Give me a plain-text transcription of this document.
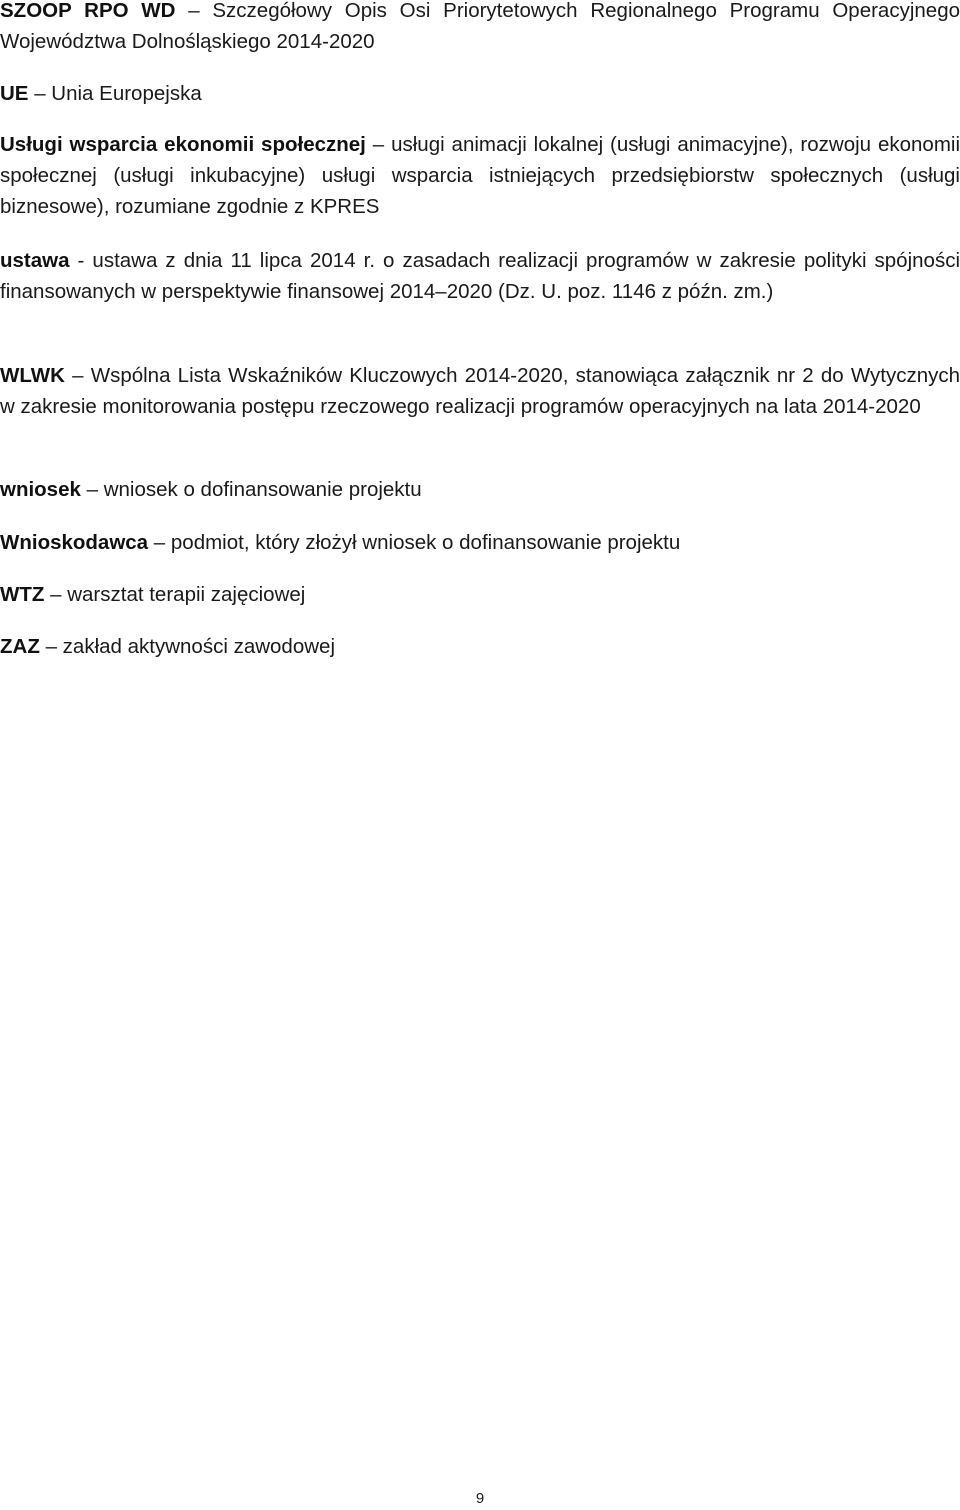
SZOOP RPO WD – Szczegółowy Opis Osi Priorytetowych Regionalnego Programu Operacyjnego Województwa Dolnośląskiego 2014-2020

UE – Unia Europejska

Usługi wsparcia ekonomii społecznej – usługi animacji lokalnej (usługi animacyjne), rozwoju ekonomii społecznej (usługi inkubacyjne) usługi wsparcia istniejących przedsiębiorstw społecznych (usługi biznesowe), rozumiane zgodnie z KPRES

ustawa - ustawa z dnia 11 lipca 2014 r. o zasadach realizacji programów w zakresie polityki spójności finansowanych w perspektywie finansowej 2014–2020 (Dz. U. poz. 1146 z późn. zm.)

WLWK – Wspólna Lista Wskaźników Kluczowych 2014-2020, stanowiąca załącznik nr 2 do Wytycznych w zakresie monitorowania postępu rzeczowego realizacji programów operacyjnych na lata 2014-2020

wniosek – wniosek o dofinansowanie projektu

Wnioskodawca – podmiot, który złożył wniosek o dofinansowanie projektu

WTZ – warsztat terapii zajęciowej

ZAZ – zakład aktywności zawodowej

9
